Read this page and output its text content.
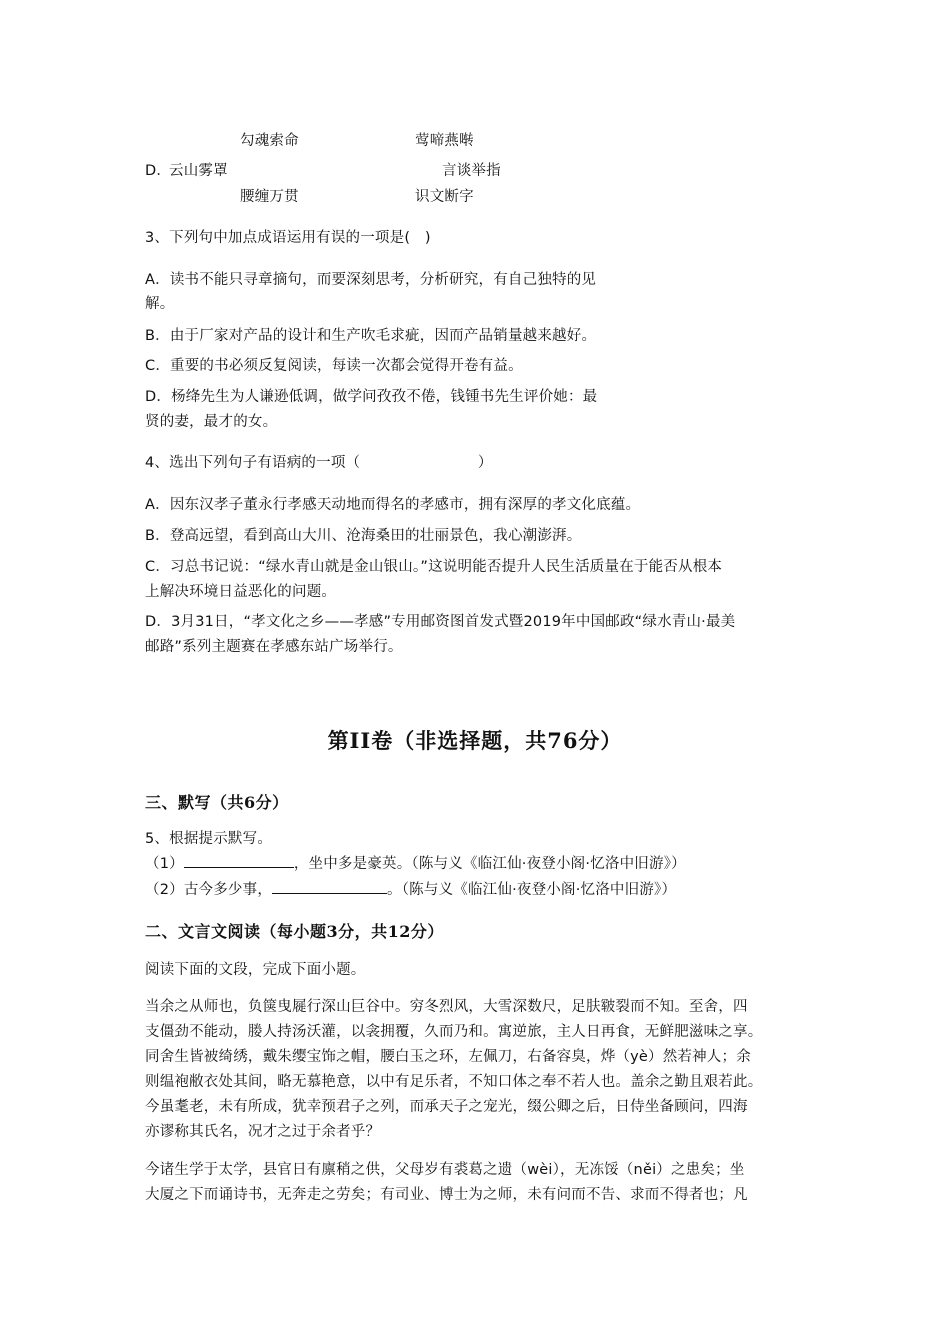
勾魂索命	莺啼燕啭

D．

云山雾罩	言谈举指

腰缠万贯	识文断字

3、下列句中加点成语运用有误的一项是(　)

A．读书不能只寻章摘句，而要深刻思考，分析研究，有自己独特的见

解。

B．由于厂家对产品的设计和生产吹毛求疵，因而产品销量越来越好。

C．重要的书必须反复阅读，每读一次都会觉得开卷有益。

D．杨绛先生为人谦逊低调，做学问孜孜不倦，钱锺书先生评价她：最

贤的妻，最才的女。

4、选出下列句子有语病的一项（　　　　　　　　）

A．因东汉孝子董永行孝感天动地而得名的孝感市，拥有深厚的孝文化底蕴。

B．登高远望，看到高山大川、沧海桑田的壮丽景色，我心潮澎湃。

C．习总书记说：“绿水青山就是金山银山。”这说明能否提升人民生活质量在于能否从根本

上解决环境日益恶化的问题。

D．3月31日，“孝文化之乡——孝感”专用邮资图首发式暨2019年中国邮政“绿水青山·最美

邮路”系列主题赛在孝感东站广场举行。

第II卷（非选择题，共76分）
三、默写（共6分）

5、根据提示默写。

（1）	，坐中多是豪英。（陈与义《临江仙·夜登小阁·忆洛中旧游》）

（2）古今多少事，	。（陈与义《临江仙·夜登小阁·忆洛中旧游》）

二、文言文阅读（每小题3分，共12分）

阅读下面的文段，完成下面小题。

当余之从师也，负箧曳屣行深山巨谷中。穷冬烈风，大雪深数尺，足肤皲裂而不知。至舍，四

支僵劲不能动，媵人持汤沃灌，以衾拥覆，久而乃和。寓逆旅，主人日再食，无鲜肥滋味之享。

同舍生皆被绮绣，戴朱缨宝饰之帽，腰白玉之环，左佩刀，右备容臭，烨（yè）然若神人；余

则缊袍敝衣处其间，略无慕艳意，以中有足乐者，不知口体之奉不若人也。盖余之勤且艰若此。

今虽耄老，未有所成，犹幸预君子之列，而承天子之宠光，缀公卿之后，日侍坐备顾问，四海

亦谬称其氏名，况才之过于余者乎？

今诸生学于太学，县官日有廪稍之供，父母岁有裘葛之遗（wèi），无冻馁（něi）之患矣；坐

大厦之下而诵诗书，无奔走之劳矣；有司业、博士为之师，未有问而不告、求而不得者也；凡
